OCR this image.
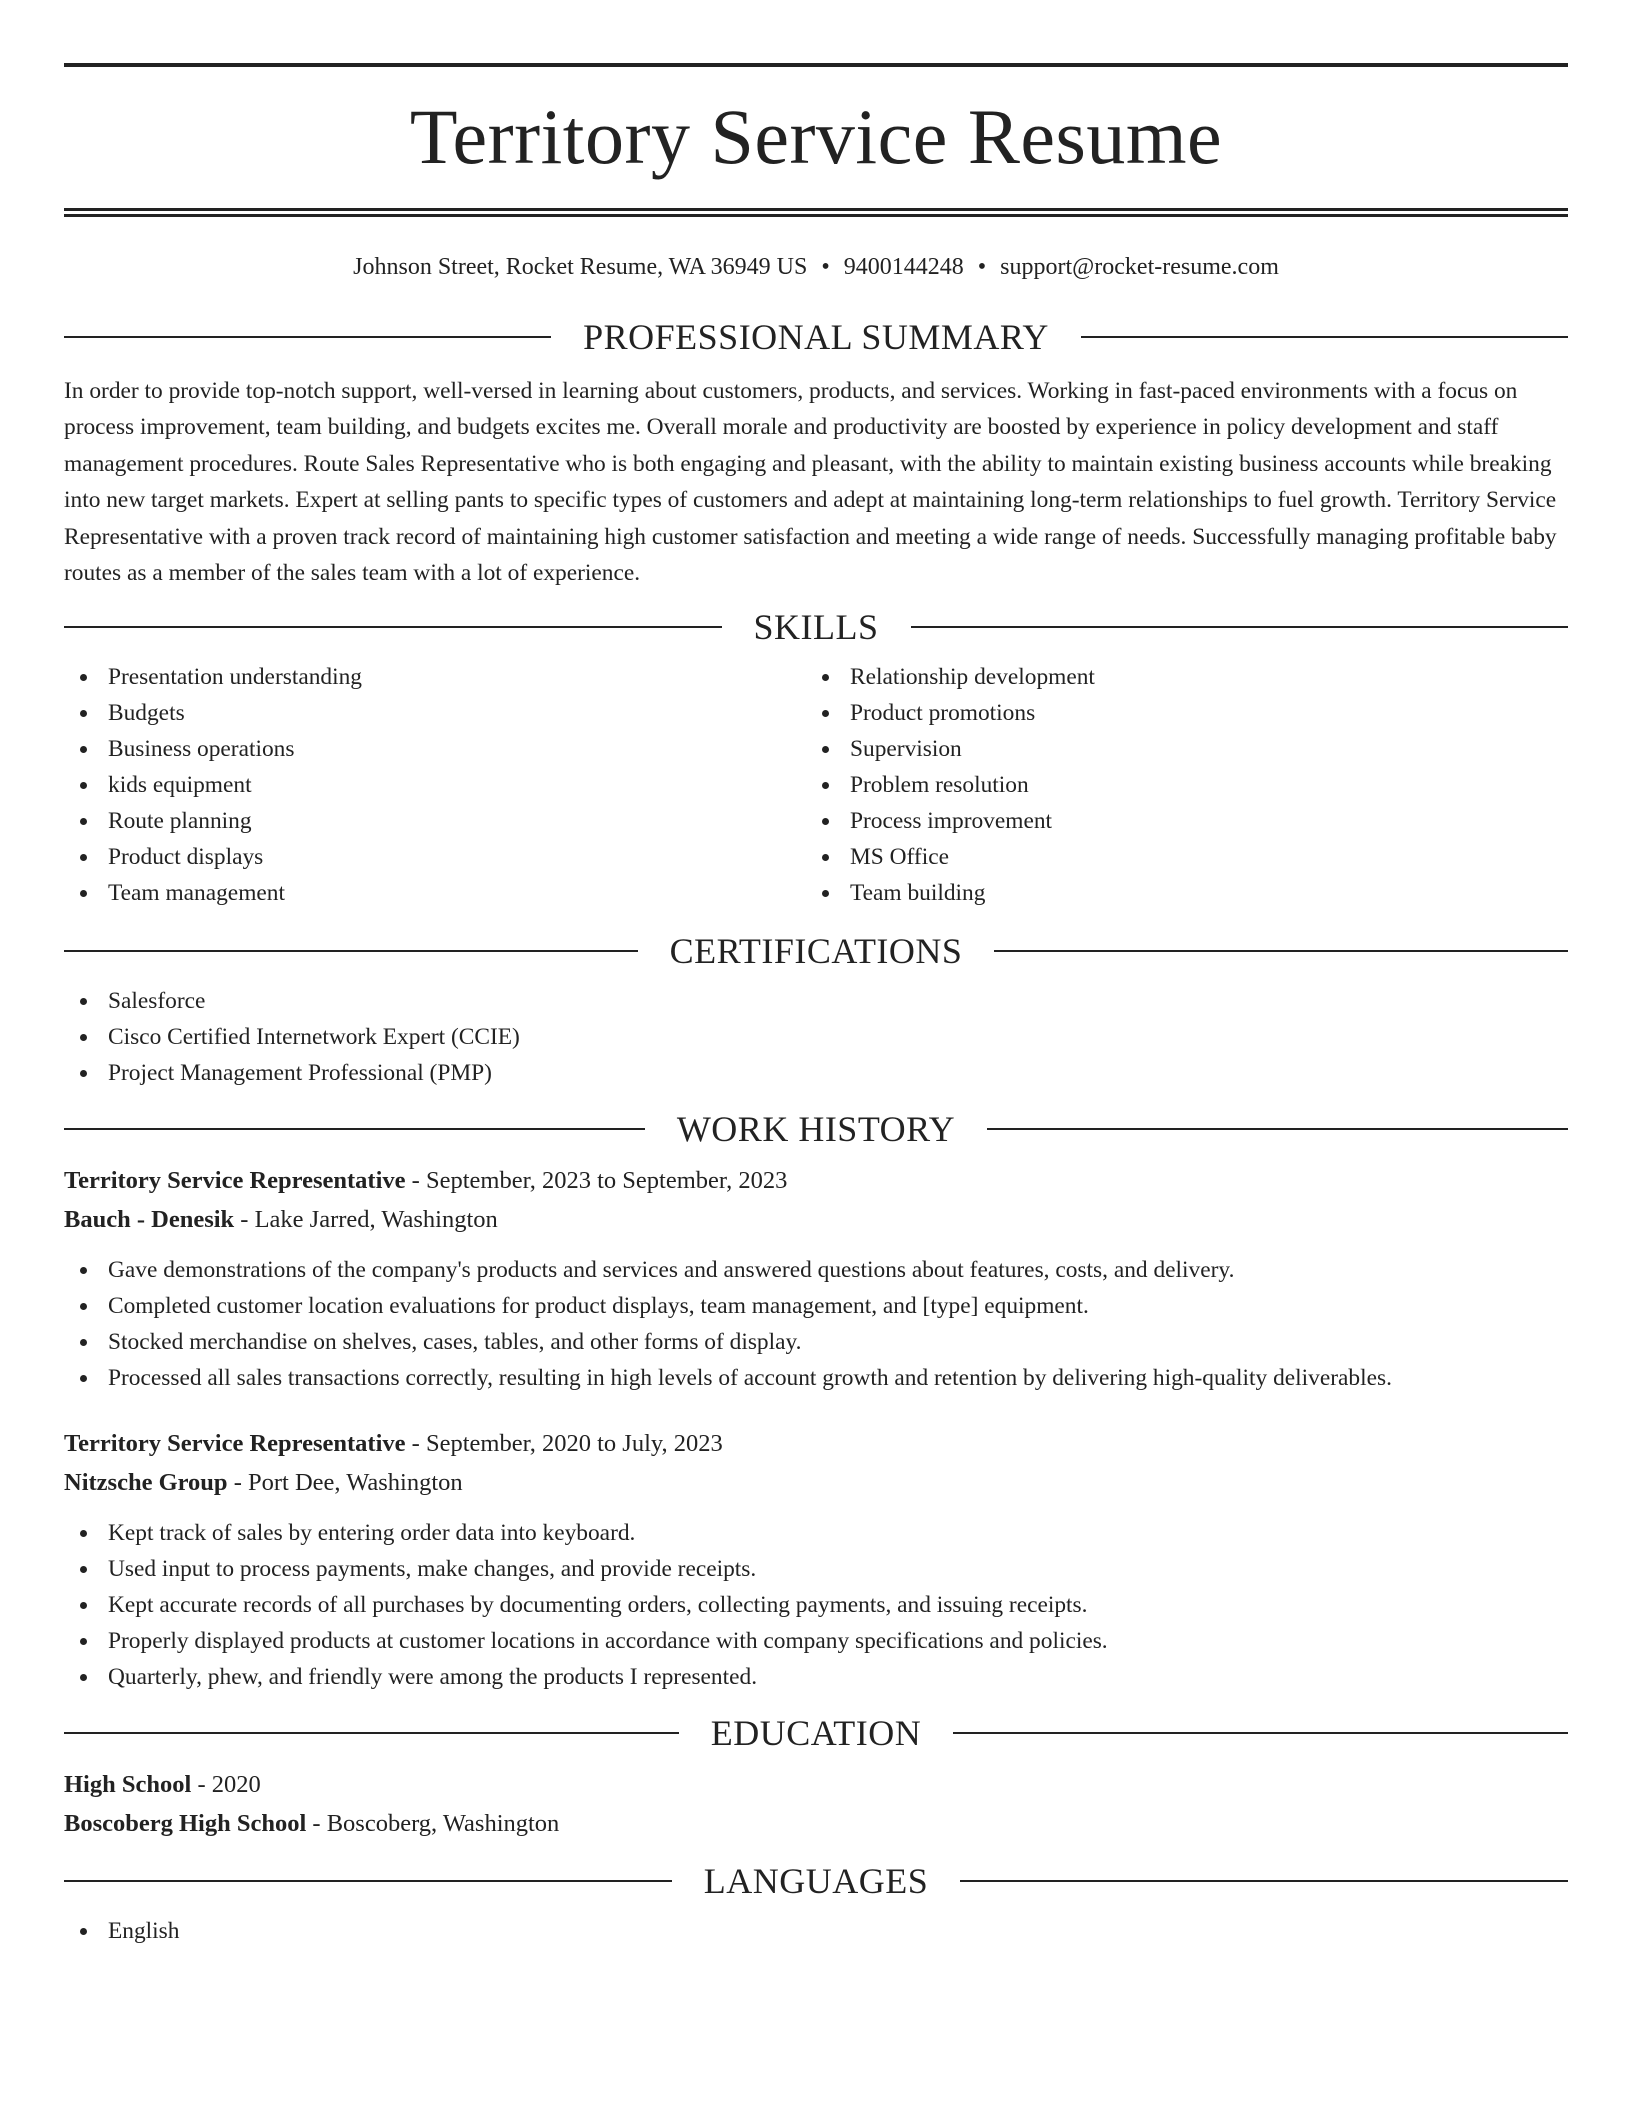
Territory Service Resume
Johnson Street, Rocket Resume, WA 36949 US • 9400144248 • support@rocket-resume.com
PROFESSIONAL SUMMARY
In order to provide top-notch support, well-versed in learning about customers, products, and services. Working in fast-paced environments with a focus on process improvement, team building, and budgets excites me. Overall morale and productivity are boosted by experience in policy development and staff management procedures. Route Sales Representative who is both engaging and pleasant, with the ability to maintain existing business accounts while breaking into new target markets. Expert at selling pants to specific types of customers and adept at maintaining long-term relationships to fuel growth. Territory Service Representative with a proven track record of maintaining high customer satisfaction and meeting a wide range of needs. Successfully managing profitable baby routes as a member of the sales team with a lot of experience.
SKILLS
Presentation understanding
Budgets
Business operations
kids equipment
Route planning
Product displays
Team management
Relationship development
Product promotions
Supervision
Problem resolution
Process improvement
MS Office
Team building
CERTIFICATIONS
Salesforce
Cisco Certified Internetwork Expert (CCIE)
Project Management Professional (PMP)
WORK HISTORY
Territory Service Representative - September, 2023 to September, 2023
Bauch - Denesik - Lake Jarred, Washington
Gave demonstrations of the company's products and services and answered questions about features, costs, and delivery.
Completed customer location evaluations for product displays, team management, and [type] equipment.
Stocked merchandise on shelves, cases, tables, and other forms of display.
Processed all sales transactions correctly, resulting in high levels of account growth and retention by delivering high-quality deliverables.
Territory Service Representative - September, 2020 to July, 2023
Nitzsche Group - Port Dee, Washington
Kept track of sales by entering order data into keyboard.
Used input to process payments, make changes, and provide receipts.
Kept accurate records of all purchases by documenting orders, collecting payments, and issuing receipts.
Properly displayed products at customer locations in accordance with company specifications and policies.
Quarterly, phew, and friendly were among the products I represented.
EDUCATION
High School - 2020
Boscoberg High School - Boscoberg, Washington
LANGUAGES
English
